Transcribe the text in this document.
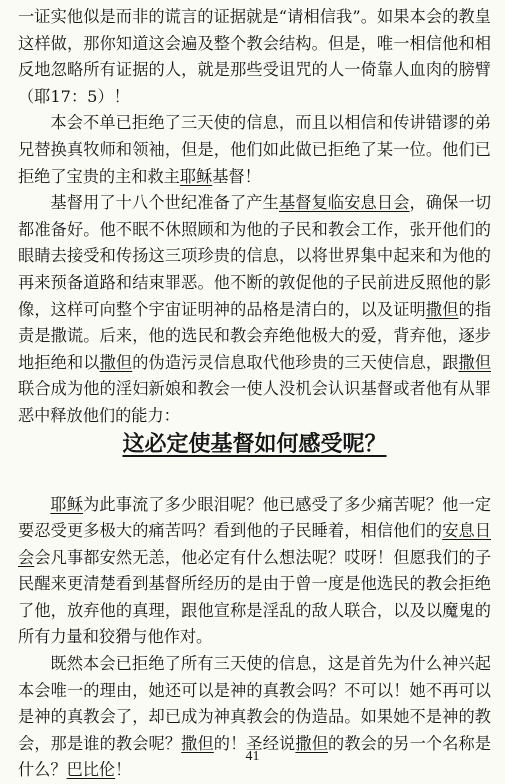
一证实他似是而非的谎言的证据就是“请相信我”。如果本会的教皇这样做，那你知道这会遍及整个教会结构。但是，唯一相信他和相反地忽略所有证据的人，就是那些受诅咒的人一倚靠人血肉的膀臂（耶17：5）！

本会不单已拒绝了三天使的信息，而且以相信和传讲错谬的弟兄替换真牧师和领袖，但是，他们如此做已拒绝了某一位。他们已拒绝了宝贵的主和救主耶稣基督！

基督用了十八个世纪准备了产生基督复临安息日会，确保一切都准备好。他不眠不休照顾和为他的子民和教会工作，张开他们的眼睛去接受和传扬这三项珍贵的信息，以将世界集中起来和为他的再来预备道路和结束罪恶。他不断的敦促他的子民前进反照他的影像，这样可向整个宇宙证明神的品格是清白的，以及证明撒但的指责是撒谎。后来，他的选民和教会弃绝他极大的爱，背弃他，逐步地拒绝和以撒但的伪造污灵信息取代他珍贵的三天使信息，跟撒但联合成为他的淫妇新娘和教会一使人没机会认识基督或者他有从罪恶中释放他们的能力：

这必定使基督如何感受呢？

耶稣为此事流了多少眼泪呢？他已感受了多少痛苦呢？他一定要忍受更多极大的痛苦吗？看到他的子民睡着，相信他们的安息日会会凡事都安然无恙，他必定有什么想法呢？哎呀！但愿我们的子民醒来更清楚看到基督所经历的是由于曾一度是他选民的教会拒绝了他，放弃他的真理，跟他宣称是淫乱的敌人联合，以及以魔鬼的所有力量和狡猾与他作对。

既然本会已拒绝了所有三天使的信息，这是首先为什么神兴起本会唯一的理由，她还可以是神的真教会吗？不可以！她不再可以是神的真教会了，却已成为神真教会的伪造品。如果她不是神的教会，那是谁的教会呢？撒但的！圣经说撒但的教会的另一个名称是什么？巴比伦！

41
